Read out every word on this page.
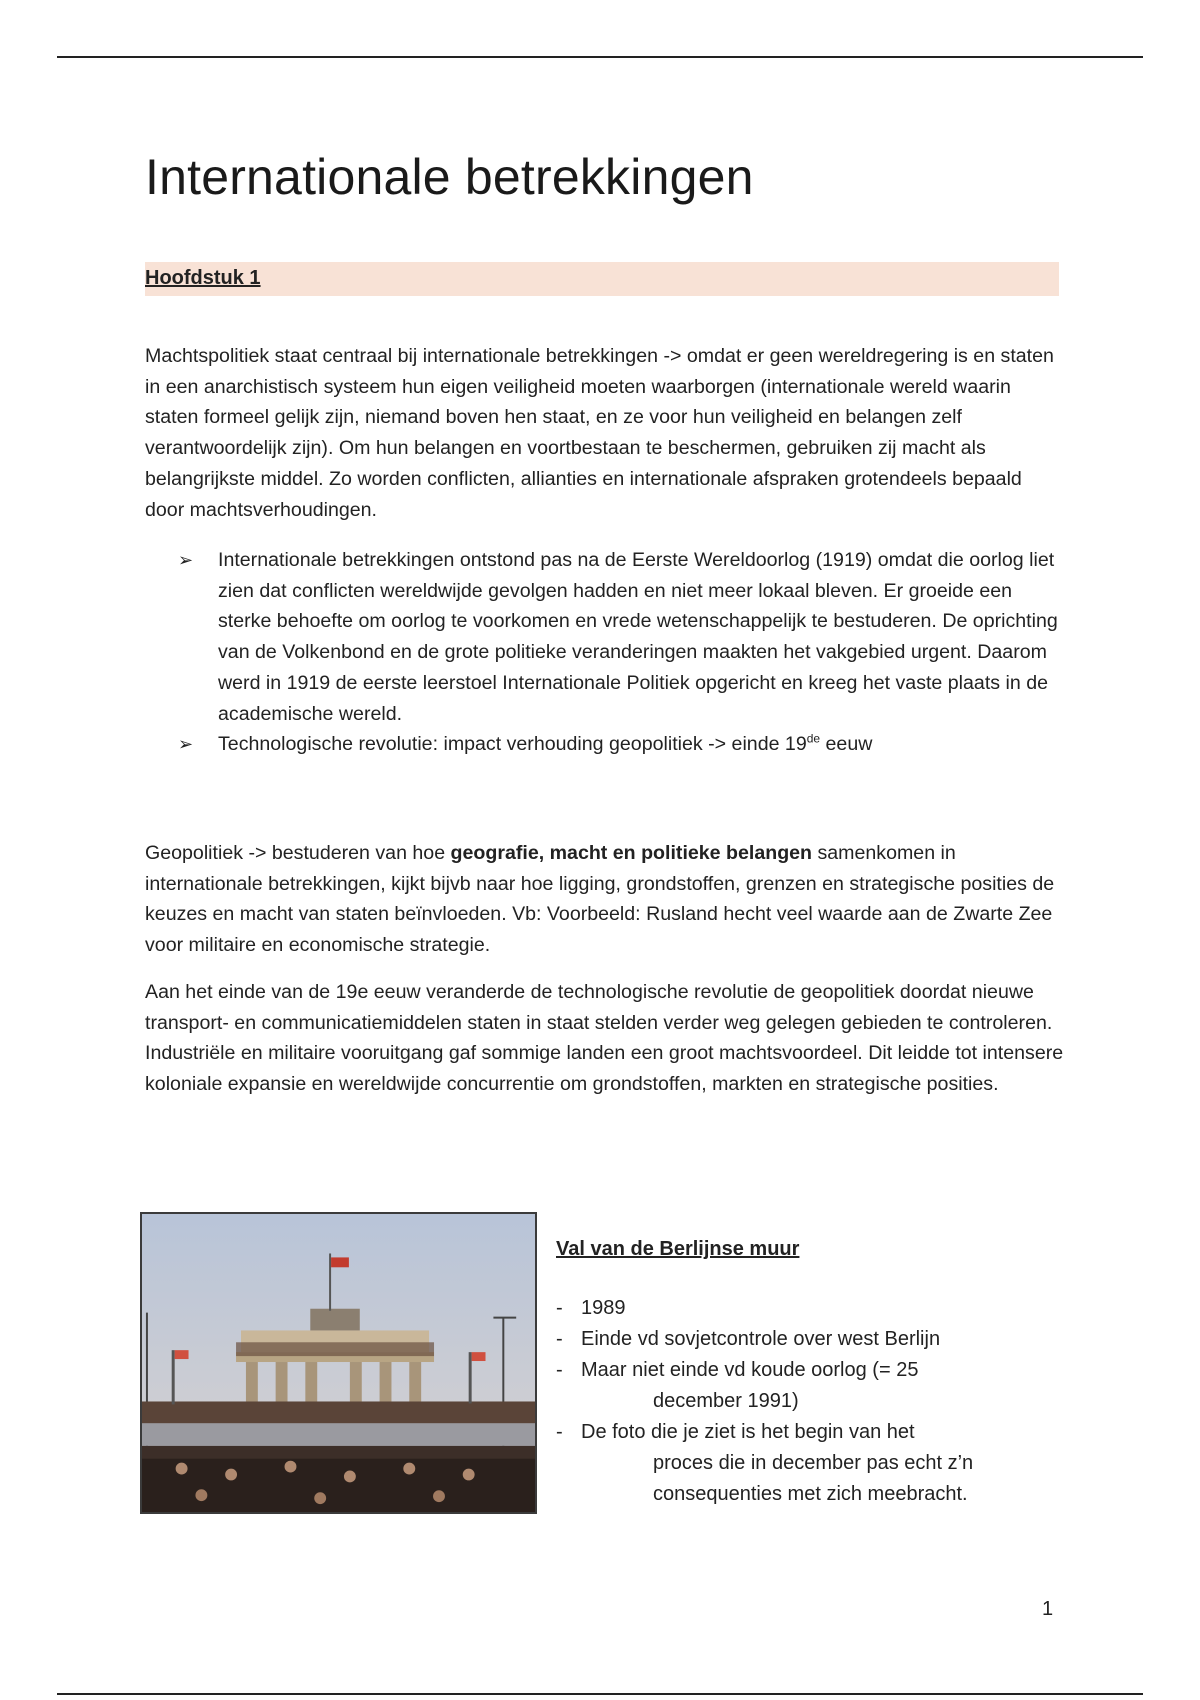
Internationale betrekkingen
Hoofdstuk 1

Machtspolitiek staat centraal bij internationale betrekkingen -> omdat er geen wereldregering is en staten in een anarchistisch systeem hun eigen veiligheid moeten waarborgen (internationale wereld waarin staten formeel gelijk zijn, niemand boven hen staat, en ze voor hun veiligheid en belangen zelf verantwoordelijk zijn). Om hun belangen en voortbestaan te beschermen, gebruiken zij macht als belangrijkste middel. Zo worden conflicten, allianties en internationale afspraken grotendeels bepaald door machtsverhoudingen.

➢ Internationale betrekkingen ontstond pas na de Eerste Wereldoorlog (1919) omdat die oorlog liet zien dat conflicten wereldwijde gevolgen hadden en niet meer lokaal bleven. Er groeide een sterke behoefte om oorlog te voorkomen en vrede wetenschappelijk te bestuderen. De oprichting van de Volkenbond en de grote politieke veranderingen maakten het vakgebied urgent. Daarom werd in 1919 de eerste leerstoel Internationale Politiek opgericht en kreeg het vaste plaats in de academische wereld.
➢ Technologische revolutie: impact verhouding geopolitiek -> einde 19de eeuw

Geopolitiek -> bestuderen van hoe geografie, macht en politieke belangen samenkomen in internationale betrekkingen, kijkt bijvb naar hoe ligging, grondstoffen, grenzen en strategische posities de keuzes en macht van staten beïnvloeden. Vb: Voorbeeld: Rusland hecht veel waarde aan de Zwarte Zee voor militaire en economische strategie.

Aan het einde van de 19e eeuw veranderde de technologische revolutie de geopolitiek doordat nieuwe transport- en communicatiemiddelen staten in staat stelden verder weg gelegen gebieden te controleren. Industriële en militaire vooruitgang gaf sommige landen een groot machtsvoordeel. Dit leidde tot intensere koloniale expansie en wereldwijde concurrentie om grondstoffen, markten en strategische posities.

Val van de Berlijnse muur

- 1989
- Einde vd sovjetcontrole over west Berlijn
- Maar niet einde vd koude oorlog (= 25
december 1991)
- De foto die je ziet is het begin van het
proces die in december pas echt z’n
consequenties met zich meebracht.
1
